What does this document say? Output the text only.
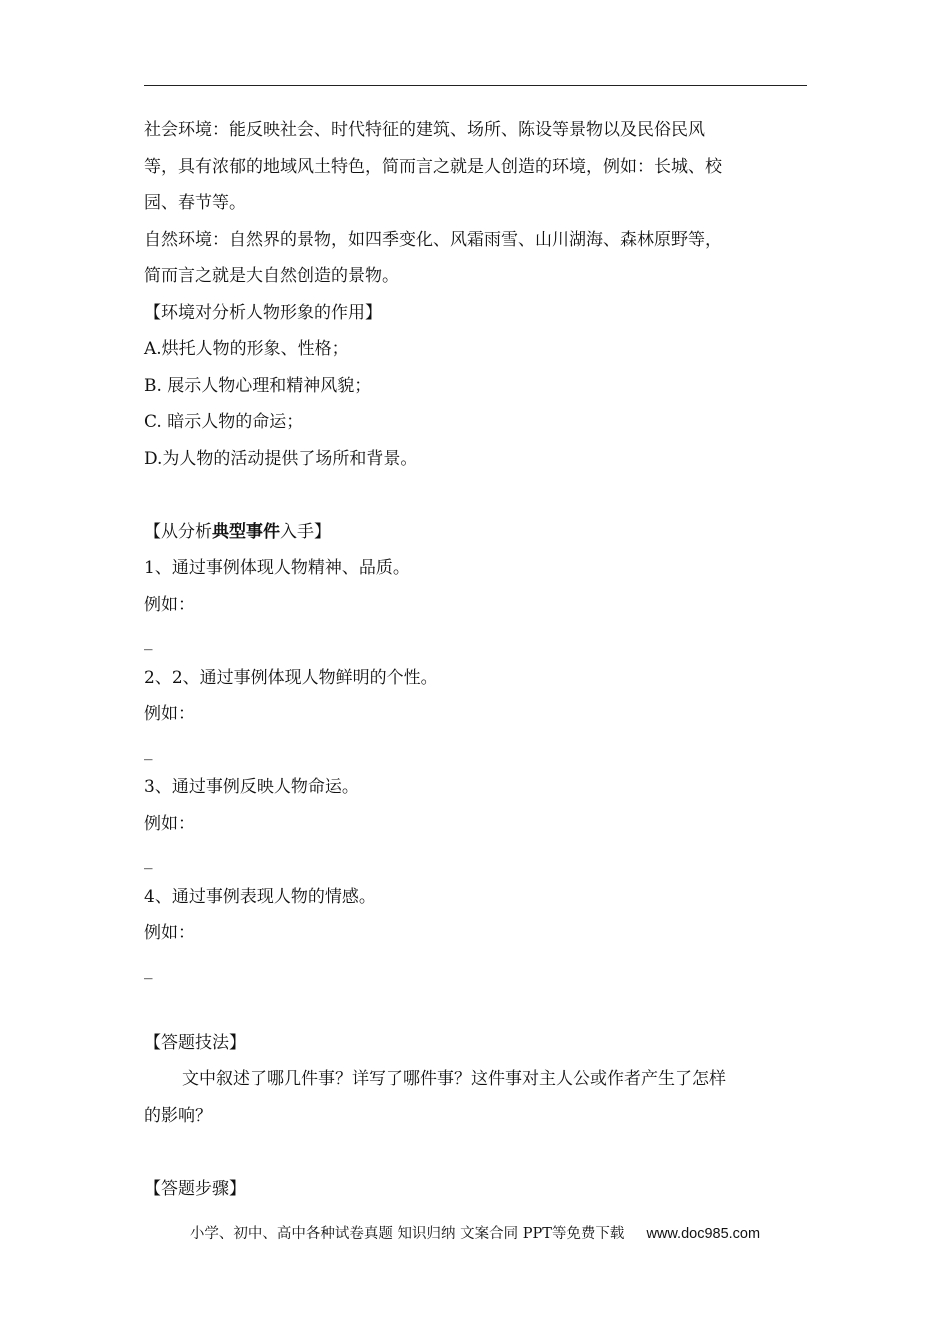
社会环境：能反映社会、时代特征的建筑、场所、陈设等景物以及民俗民风

等，具有浓郁的地域风土特色，简而言之就是人创造的环境，例如：长城、校

园、春节等。

自然环境：自然界的景物，如四季变化、风霜雨雪、山川湖海、森林原野等，

简而言之就是大自然创造的景物。

【环境对分析人物形象的作用】

A.烘托人物的形象、性格；

B. 展示人物心理和精神风貌；

C. 暗示人物的命运；

D.为人物的活动提供了场所和背景。

【从分析典型事件入手】

1、通过事例体现人物精神、品质。

例如：

_

2、2、通过事例体现人物鲜明的个性。

例如：

_

3、通过事例反映人物命运。

例如：

_

4、通过事例表现人物的情感。

例如：

_

【答题技法】

文中叙述了哪几件事？详写了哪件事？这件事对主人公或作者产生了怎样

的影响？

【答题步骤】

小学、初中、高中各种试卷真题 知识归纳 文案合同 PPT等免费下载 www.doc985.com
